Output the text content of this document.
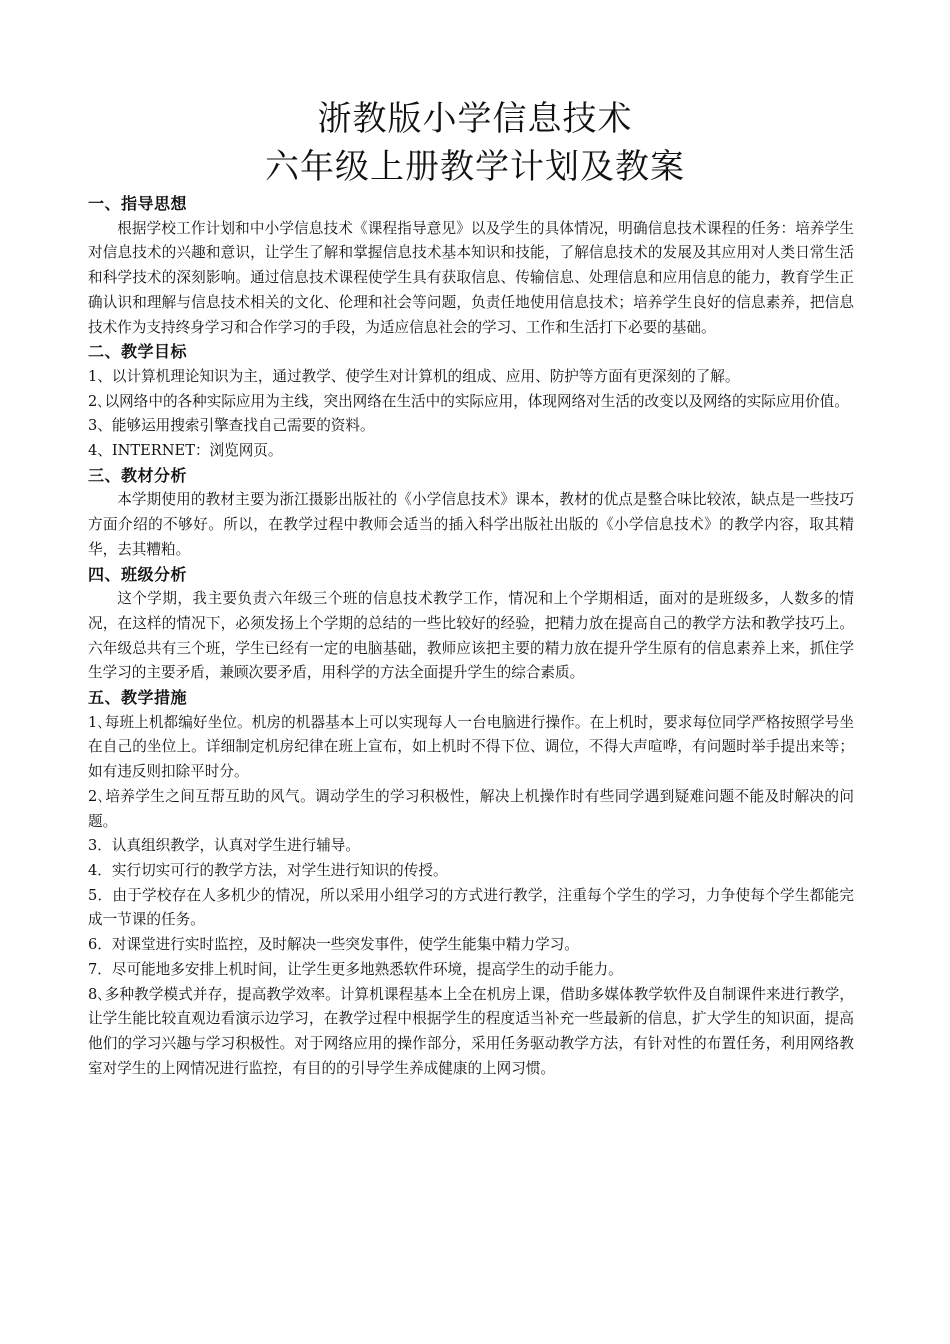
浙教版小学信息技术
六年级上册教学计划及教案
一、指导思想

根据学校工作计划和中小学信息技术《课程指导意见》以及学生的具体情况，明确信息技术课程的任务：培养学生对信息技术的兴趣和意识，让学生了解和掌握信息技术基本知识和技能，了解信息技术的发展及其应用对人类日常生活和科学技术的深刻影响。通过信息技术课程使学生具有获取信息、传输信息、处理信息和应用信息的能力，教育学生正确认识和理解与信息技术相关的文化、伦理和社会等问题，负责任地使用信息技术；培养学生良好的信息素养，把信息技术作为支持终身学习和合作学习的手段，为适应信息社会的学习、工作和生活打下必要的基础。

二、教学目标

1、以计算机理论知识为主，通过教学、使学生对计算机的组成、应用、防护等方面有更深刻的了解。

2､以网络中的各种实际应用为主线，突出网络在生活中的实际应用，体现网络对生活的改变以及网络的实际应用价值。

3、能够运用搜索引擎查找自己需要的资料。

4、INTERNET：浏览网页。

三、教材分析

本学期使用的教材主要为浙江摄影出版社的《小学信息技术》课本，教材的优点是整合味比较浓，缺点是一些技巧方面介绍的不够好。所以，在教学过程中教师会适当的插入科学出版社出版的《小学信息技术》的教学内容，取其精华，去其糟粕。

四、班级分析

这个学期，我主要负责六年级三个班的信息技术教学工作，情况和上个学期相适，面对的是班级多，人数多的情况，在这样的情况下，必须发扬上个学期的总结的一些比较好的经验，把精力放在提高自己的教学方法和教学技巧上。六年级总共有三个班，学生已经有一定的电脑基础，教师应该把主要的精力放在提升学生原有的信息素养上来，抓住学生学习的主要矛盾，兼顾次要矛盾，用科学的方法全面提升学生的综合素质。

五、教学措施

1､每班上机都编好坐位。机房的机器基本上可以实现每人一台电脑进行操作。在上机时，要求每位同学严格按照学号坐在自己的坐位上。详细制定机房纪律在班上宣布，如上机时不得下位、调位，不得大声喧哗，有问题时举手提出来等；如有违反则扣除平时分。

2､培养学生之间互帮互助的风气。调动学生的学习积极性，解决上机操作时有些同学遇到疑难问题不能及时解决的问题。

3．认真组织教学，认真对学生进行辅导。

4．实行切实可行的教学方法，对学生进行知识的传授。

5．由于学校存在人多机少的情况，所以采用小组学习的方式进行教学，注重每个学生的学习，力争使每个学生都能完成一节课的任务。

6．对课堂进行实时监控，及时解决一些突发事件，使学生能集中精力学习。

7．尽可能地多安排上机时间，让学生更多地熟悉软件环境，提高学生的动手能力。

8､多种教学模式并存，提高教学效率。计算机课程基本上全在机房上课，借助多媒体教学软件及自制课件来进行教学，让学生能比较直观边看演示边学习，在教学过程中根据学生的程度适当补充一些最新的信息，扩大学生的知识面，提高他们的学习兴趣与学习积极性。对于网络应用的操作部分，采用任务驱动教学方法，有针对性的布置任务，利用网络教室对学生的上网情况进行监控，有目的的引导学生养成健康的上网习惯。
